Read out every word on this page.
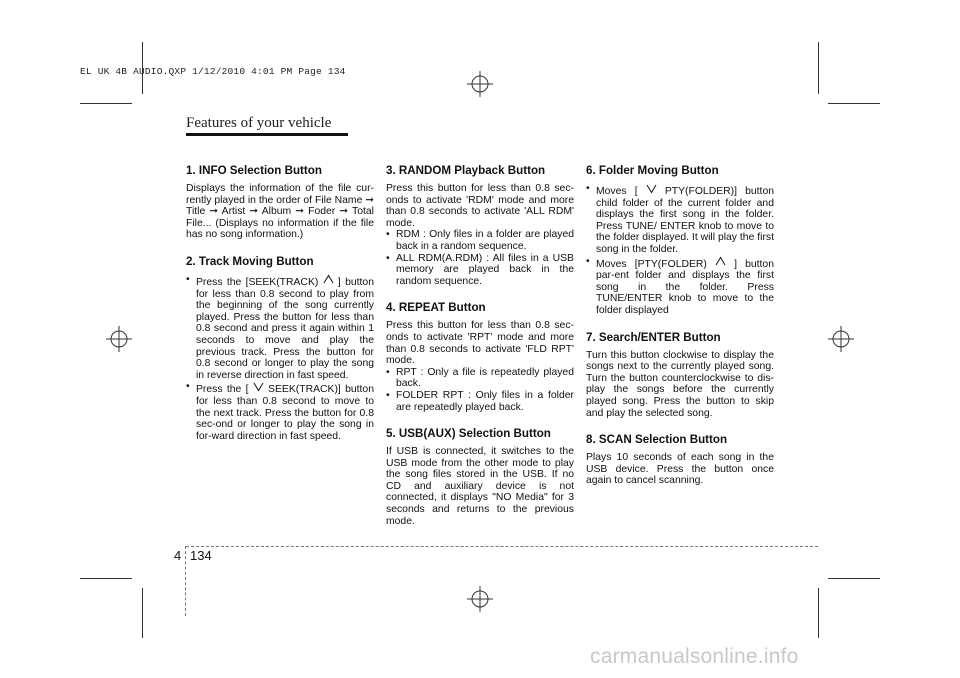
EL UK 4B AUDIO.QXP 1/12/2010 4:01 PM Page 134
Features of your vehicle
1. INFO Selection Button

Displays the information of the file cur-rently played in the order of File Name ➞ Title ➞ Artist ➞ Album ➞ Foder ➞ Total File... (Displays no information if the file has no song information.)

2. Track Moving Button
• Press the [SEEK(TRACK)
] button for less than 0.8 second to play from the beginning of the song currently played. Press the button for less than 0.8 second and press it again within 1 seconds to move and play the previous track. Press the button for 0.8 second or longer to play the song in reverse direction in fast speed.
• Press the [
SEEK(TRACK)] button for less than 0.8 second to move to the next track. Press the button for 0.8 sec-ond or longer to play the song in for-ward direction in fast speed.
3. RANDOM Playback Button

Press this button for less than 0.8 sec-onds to activate 'RDM' mode and more than 0.8 seconds to activate 'ALL RDM' mode.

• RDM : Only files in a folder are played back in a random sequence.
• ALL RDM(A.RDM) : All files in a USB memory are played back in the random sequence.
4. REPEAT Button

Press this button for less than 0.8 sec-onds to activate 'RPT' mode and more than 0.8 seconds to activate 'FLD RPT' mode.

• RPT : Only a file is repeatedly played back.
• FOLDER RPT : Only files in a folder are repeatedly played back.
5. USB(AUX) Selection Button

If USB is connected, it switches to the USB mode from the other mode to play the song files stored in the USB. If no CD and auxiliary device is not connected, it displays "NO Media" for 3 seconds and returns to the previous mode.

6. Folder Moving Button
• Moves [
PTY(FOLDER)] button child folder of the current folder and displays the first song in the folder. Press TUNE/ ENTER knob to move to the folder displayed. It will play the first song in the folder.
• Moves [PTY(FOLDER)
] button par-ent folder and displays the first song in the folder. Press TUNE/ENTER knob to move to the folder displayed
7. Search/ENTER Button

Turn this button clockwise to display the songs next to the currently played song. Turn the button counterclockwise to dis-play the songs before the currently played song. Press the button to skip and play the selected song.

8. SCAN Selection Button

Plays 10 seconds of each song in the USB device. Press the button once again to cancel scanning.

4 134
carmanualsonline.info
